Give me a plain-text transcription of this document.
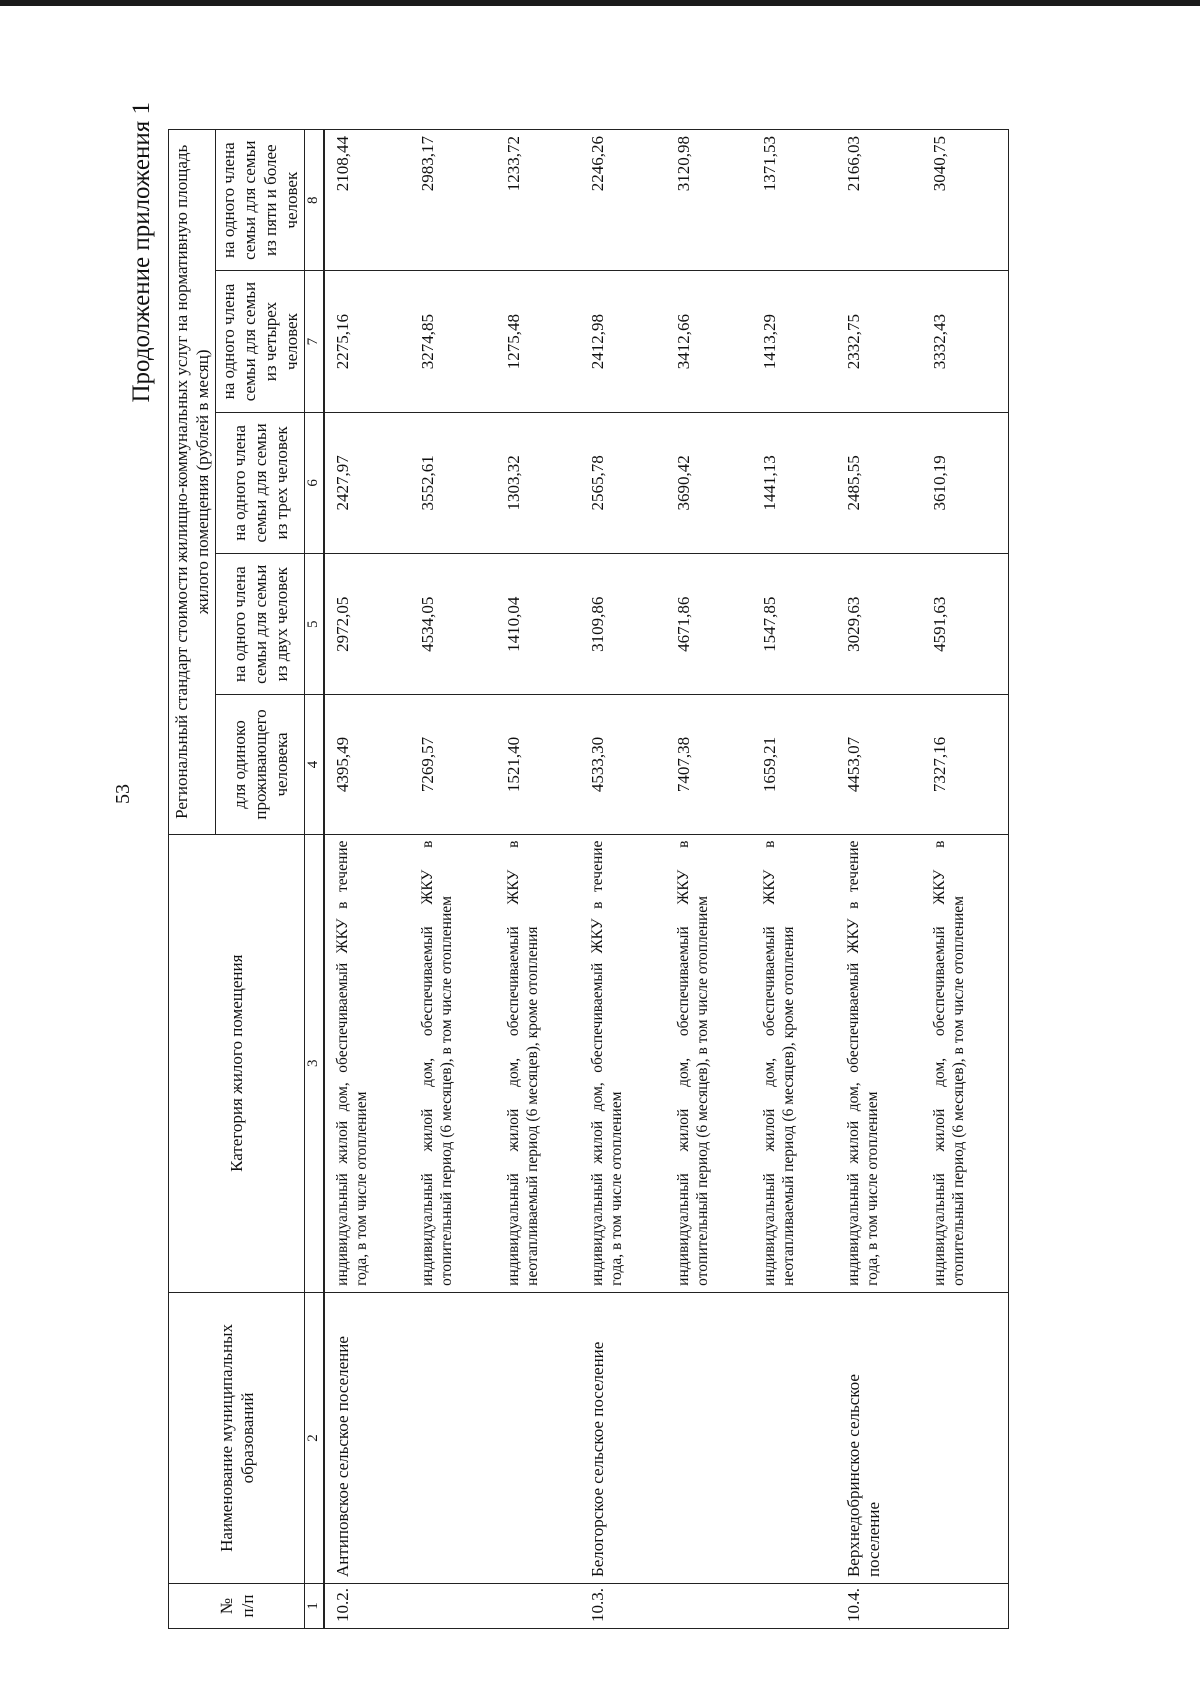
53
Продолжение приложения 1
№ п/п	Наименование муниципальных образований	Категория жилого помещения	Региональный стандарт стоимости жилищно-коммунальных услуг на нормативную площадь жилого помещения (рублей в месяц)				
			для одиноко проживающего человека	на одного члена семьи для семьи из двух человек	на одного члена семьи для семьи из трех человек	на одного члена семьи для семьи из четырех человек	на одного члена семьи для семьи из пяти и более человек
1	2	3	4	5	6	7	8
10.2.	Антиповское сельское поселение	индивидуальный жилой дом, обеспечиваемый ЖКУ в течение года, в том числе отоплением	4395,49	2972,05	2427,97	2275,16	2108,44
		индивидуальный жилой дом, обеспечиваемый ЖКУ в отопительный период (6 месяцев), в том числе отоплением	7269,57	4534,05	3552,61	3274,85	2983,17
		индивидуальный жилой дом, обеспечиваемый ЖКУ в неотапливаемый период (6 месяцев), кроме отопления	1521,40	1410,04	1303,32	1275,48	1233,72
10.3.	Белогорское сельское поселение	индивидуальный жилой дом, обеспечиваемый ЖКУ в течение года, в том числе отоплением	4533,30	3109,86	2565,78	2412,98	2246,26
		индивидуальный жилой дом, обеспечиваемый ЖКУ в отопительный период (6 месяцев), в том числе отоплением	7407,38	4671,86	3690,42	3412,66	3120,98
		индивидуальный жилой дом, обеспечиваемый ЖКУ в неотапливаемый период (6 месяцев), кроме отопления	1659,21	1547,85	1441,13	1413,29	1371,53
10.4.	Верхнедобринское сельское поселение	индивидуальный жилой дом, обеспечиваемый ЖКУ в течение года, в том числе отоплением	4453,07	3029,63	2485,55	2332,75	2166,03
		индивидуальный жилой дом, обеспечиваемый ЖКУ в отопительный период (6 месяцев), в том числе отоплением	7327,16	4591,63	3610,19	3332,43	3040,75
